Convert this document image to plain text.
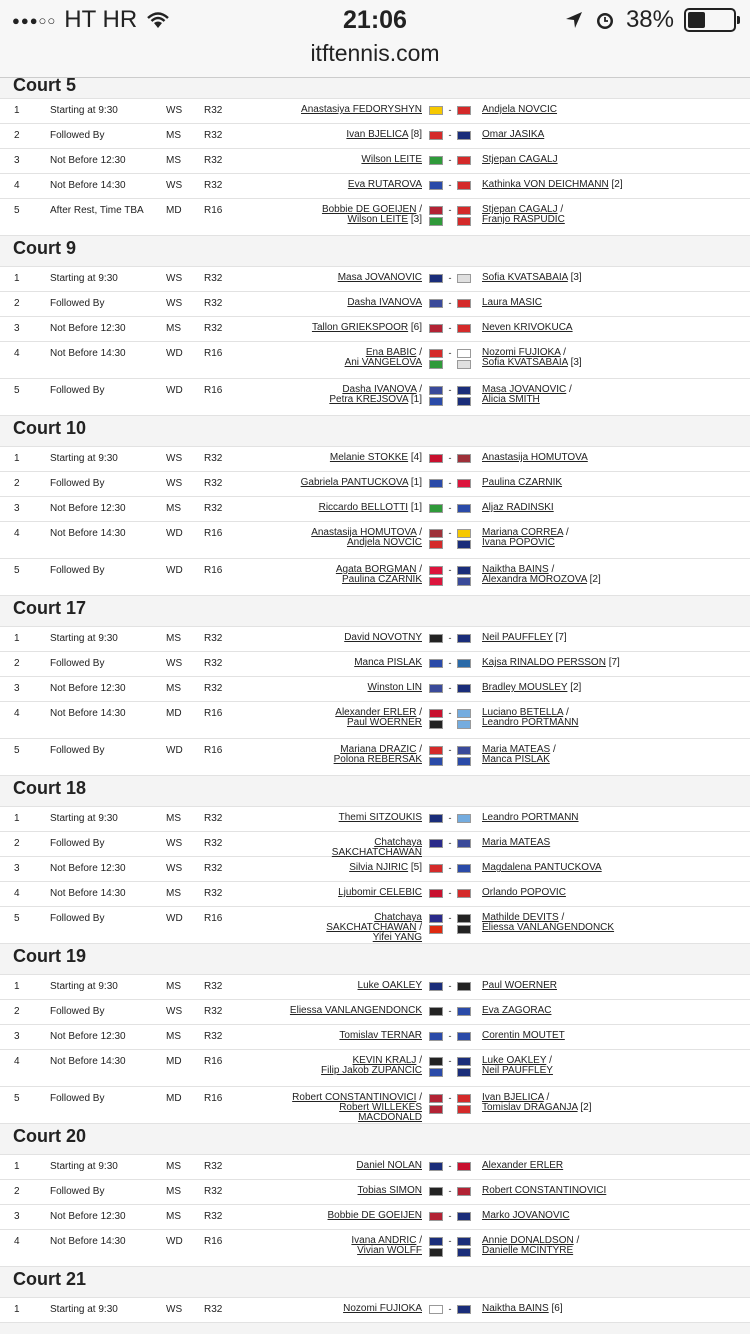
●●●○○ HT HR	21:06	38%
itftennis.com
Court 5
1	Starting at 9:30	WS	R32	Anastasiya FEDORYSHYN	-	Andjela NOVCIC
2	Followed By	MS	R32	Ivan BJELICA [8]	-	Omar JASIKA
3	Not Before 12:30	MS	R32	Wilson LEITE	-	Stjepan CAGALJ
4	Not Before 14:30	WS	R32	Eva RUTAROVA	-	Kathinka VON DEICHMANN [2]
5	After Rest, Time TBA	MD	R16	Bobbie DE GOEIJEN /
Wilson LEITE [3]
-	Stjepan CAGALJ /
Franjo RASPUDIC
Court 9
1	Starting at 9:30	WS	R32	Masa JOVANOVIC	-	Sofia KVATSABAIA [3]
2	Followed By	WS	R32	Dasha IVANOVA	-	Laura MASIC
3	Not Before 12:30	MS	R32	Tallon GRIEKSPOOR [6]	-	Neven KRIVOKUCA
4	Not Before 14:30	WD	R16	Ena BABIC /
Ani VANGELOVA
-	Nozomi FUJIOKA /
Sofia KVATSABAIA [3]
5	Followed By	WD	R16	Dasha IVANOVA /
Petra KREJSOVA [1]
-	Masa JOVANOVIC /
Alicia SMITH
Court 10
1	Starting at 9:30	WS	R32	Melanie STOKKE [4]	-	Anastasija HOMUTOVA
2	Followed By	WS	R32	Gabriela PANTUCKOVA [1]	-	Paulina CZARNIK
3	Not Before 12:30	MS	R32	Riccardo BELLOTTI [1]	-	Aljaz RADINSKI
4	Not Before 14:30	WD	R16	Anastasija HOMUTOVA /
Andjela NOVCIC
-	Mariana CORREA /
Ivana POPOVIC
5	Followed By	WD	R16	Agata BORGMAN /
Paulina CZARNIK
-	Naiktha BAINS /
Alexandra MOROZOVA [2]
Court 17
1	Starting at 9:30	MS	R32	David NOVOTNY	-	Neil PAUFFLEY [7]
2	Followed By	WS	R32	Manca PISLAK	-	Kajsa RINALDO PERSSON [7]
3	Not Before 12:30	MS	R32	Winston LIN	-	Bradley MOUSLEY [2]
4	Not Before 14:30	MD	R16	Alexander ERLER /
Paul WOERNER
-	Luciano BETELLA /
Leandro PORTMANN
5	Followed By	WD	R16	Mariana DRAZIC /
Polona REBERSAK
-	Maria MATEAS /
Manca PISLAK
Court 18
1	Starting at 9:30	MS	R32	Themi SITZOUKIS	-	Leandro PORTMANN
2	Followed By	WS	R32	Chatchaya SAKCHATCHAWAN
-	Maria MATEAS
3	Not Before 12:30	WS	R32	Silvia NJIRIC [5]	-	Magdalena PANTUCKOVA
4	Not Before 14:30	MS	R32	Ljubomir CELEBIC	-	Orlando POPOVIC
5	Followed By	WD	R16	Chatchaya SAKCHATCHAWAN /
Yifei YANG
-	Mathilde DEVITS /
Eliessa VANLANGENDONCK
Court 19
1	Starting at 9:30	MS	R32	Luke OAKLEY	-	Paul WOERNER
2	Followed By	WS	R32	Eliessa VANLANGENDONCK	-	Eva ZAGORAC
3	Not Before 12:30	MS	R32	Tomislav TERNAR	-	Corentin MOUTET
4	Not Before 14:30	MD	R16	KEVIN KRALJ /
Filip Jakob ZUPANCIC
-	Luke OAKLEY /
Neil PAUFFLEY
5	Followed By	MD	R16	Robert CONSTANTINOVICI /
Robert WILLEKES MACDONALD
-	Ivan BJELICA /
Tomislav DRAGANJA [2]
Court 20
1	Starting at 9:30	MS	R32	Daniel NOLAN	-	Alexander ERLER
2	Followed By	MS	R32	Tobias SIMON	-	Robert CONSTANTINOVICI
3	Not Before 12:30	MS	R32	Bobbie DE GOEIJEN	-	Marko JOVANOVIC
4	Not Before 14:30	WD	R16	Ivana ANDRIC /
Vivian WOLFF
-	Annie DONALDSON /
Danielle MCINTYRE
Court 21
1	Starting at 9:30	WS	R32	Nozomi FUJIOKA	-	Naiktha BAINS [6]
